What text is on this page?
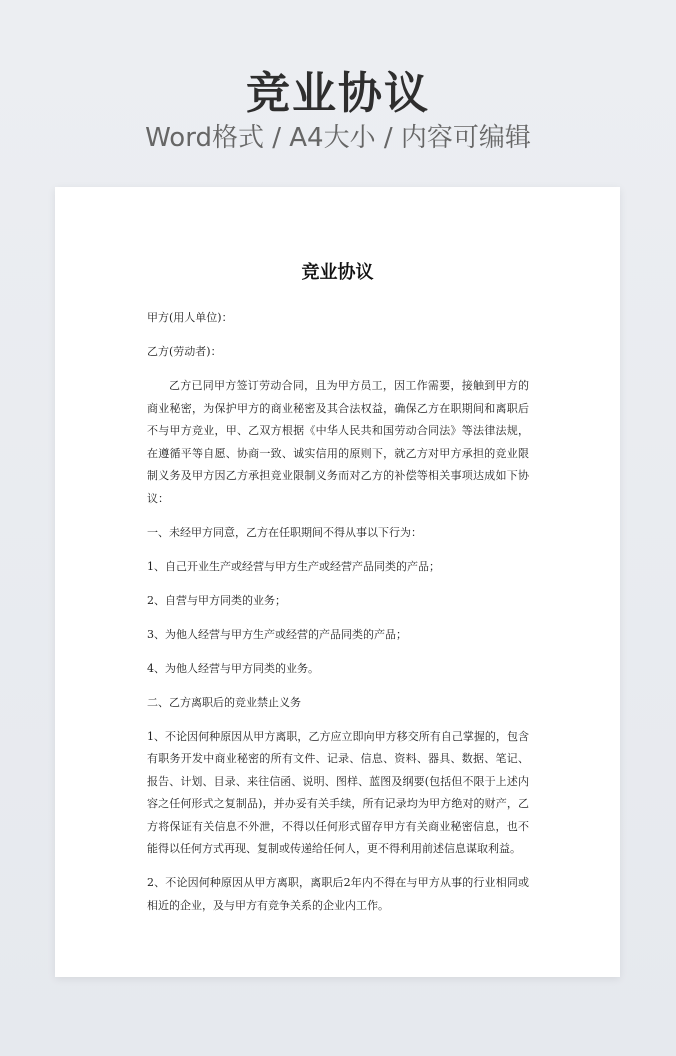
竞业协议

Word格式 / A4大小 / 内容可编辑

竞业协议

甲方(用人单位)：

乙方(劳动者)：

乙方已同甲方签订劳动合同，且为甲方员工，因工作需要，接触到甲方的商业秘密，为保护甲方的商业秘密及其合法权益，确保乙方在职期间和离职后不与甲方竞业，甲、乙双方根据《中华人民共和国劳动合同法》等法律法规，在遵循平等自愿、协商一致、诚实信用的原则下，就乙方对甲方承担的竞业限制义务及甲方因乙方承担竞业限制义务而对乙方的补偿等相关事项达成如下协议：

一、未经甲方同意，乙方在任职期间不得从事以下行为：

1、自己开业生产或经营与甲方生产或经营产品同类的产品；

2、自营与甲方同类的业务；

3、为他人经营与甲方生产或经营的产品同类的产品；

4、为他人经营与甲方同类的业务。

二、乙方离职后的竞业禁止义务

1、不论因何种原因从甲方离职，乙方应立即向甲方移交所有自己掌握的，包含有职务开发中商业秘密的所有文件、记录、信息、资料、器具、数据、笔记、报告、计划、目录、来往信函、说明、图样、蓝图及纲要(包括但不限于上述内容之任何形式之复制品)，并办妥有关手续，所有记录均为甲方绝对的财产，乙方将保证有关信息不外泄，不得以任何形式留存甲方有关商业秘密信息，也不能得以任何方式再现、复制或传递给任何人，更不得利用前述信息谋取利益。

2、不论因何种原因从甲方离职，离职后2年内不得在与甲方从事的行业相同或相近的企业，及与甲方有竞争关系的企业内工作。
